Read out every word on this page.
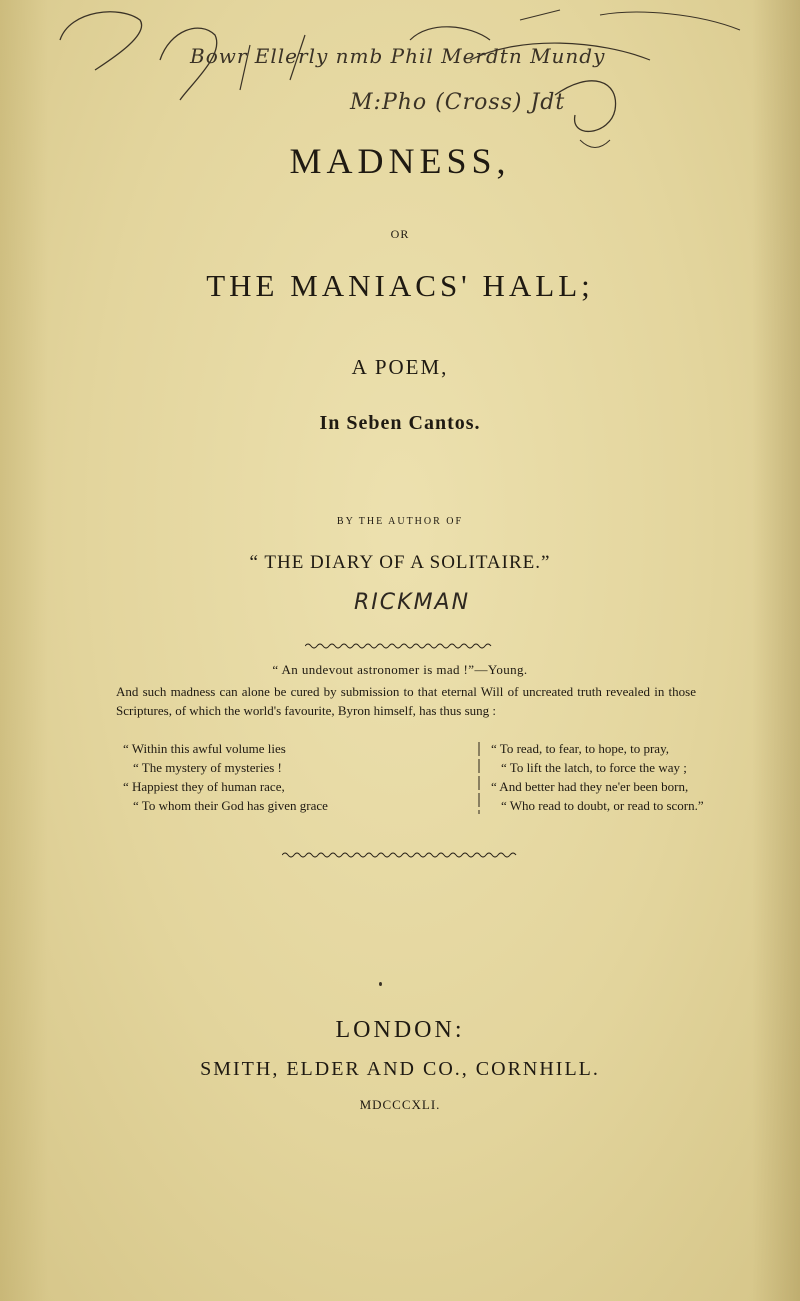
Bowr Ellerly nmb Phil Merdtn Mundy
M:Pho (Cross) Jdt
MADNESS,
OR
THE MANIACS' HALL;
A POEM,
In Seben Cantos.
BY THE AUTHOR OF
“ THE DIARY OF A SOLITAIRE.”
RICKMAN
“ An undevout astronomer is mad !”—Young.
And such madness can alone be cured by submission to that eternal Will of uncreated truth revealed in those Scriptures, of which the world's favourite, Byron himself, has thus sung :
“ Within this awful volume lies
“ The mystery of mysteries !
“ Happiest they of human race,
“ To whom their God has given grace
“ To read, to fear, to hope, to pray,
“ To lift the latch, to force the way ;
“ And better had they ne'er been born,
“ Who read to doubt, or read to scorn.”
LONDON:
SMITH, ELDER AND CO., CORNHILL.
MDCCCXLI.
